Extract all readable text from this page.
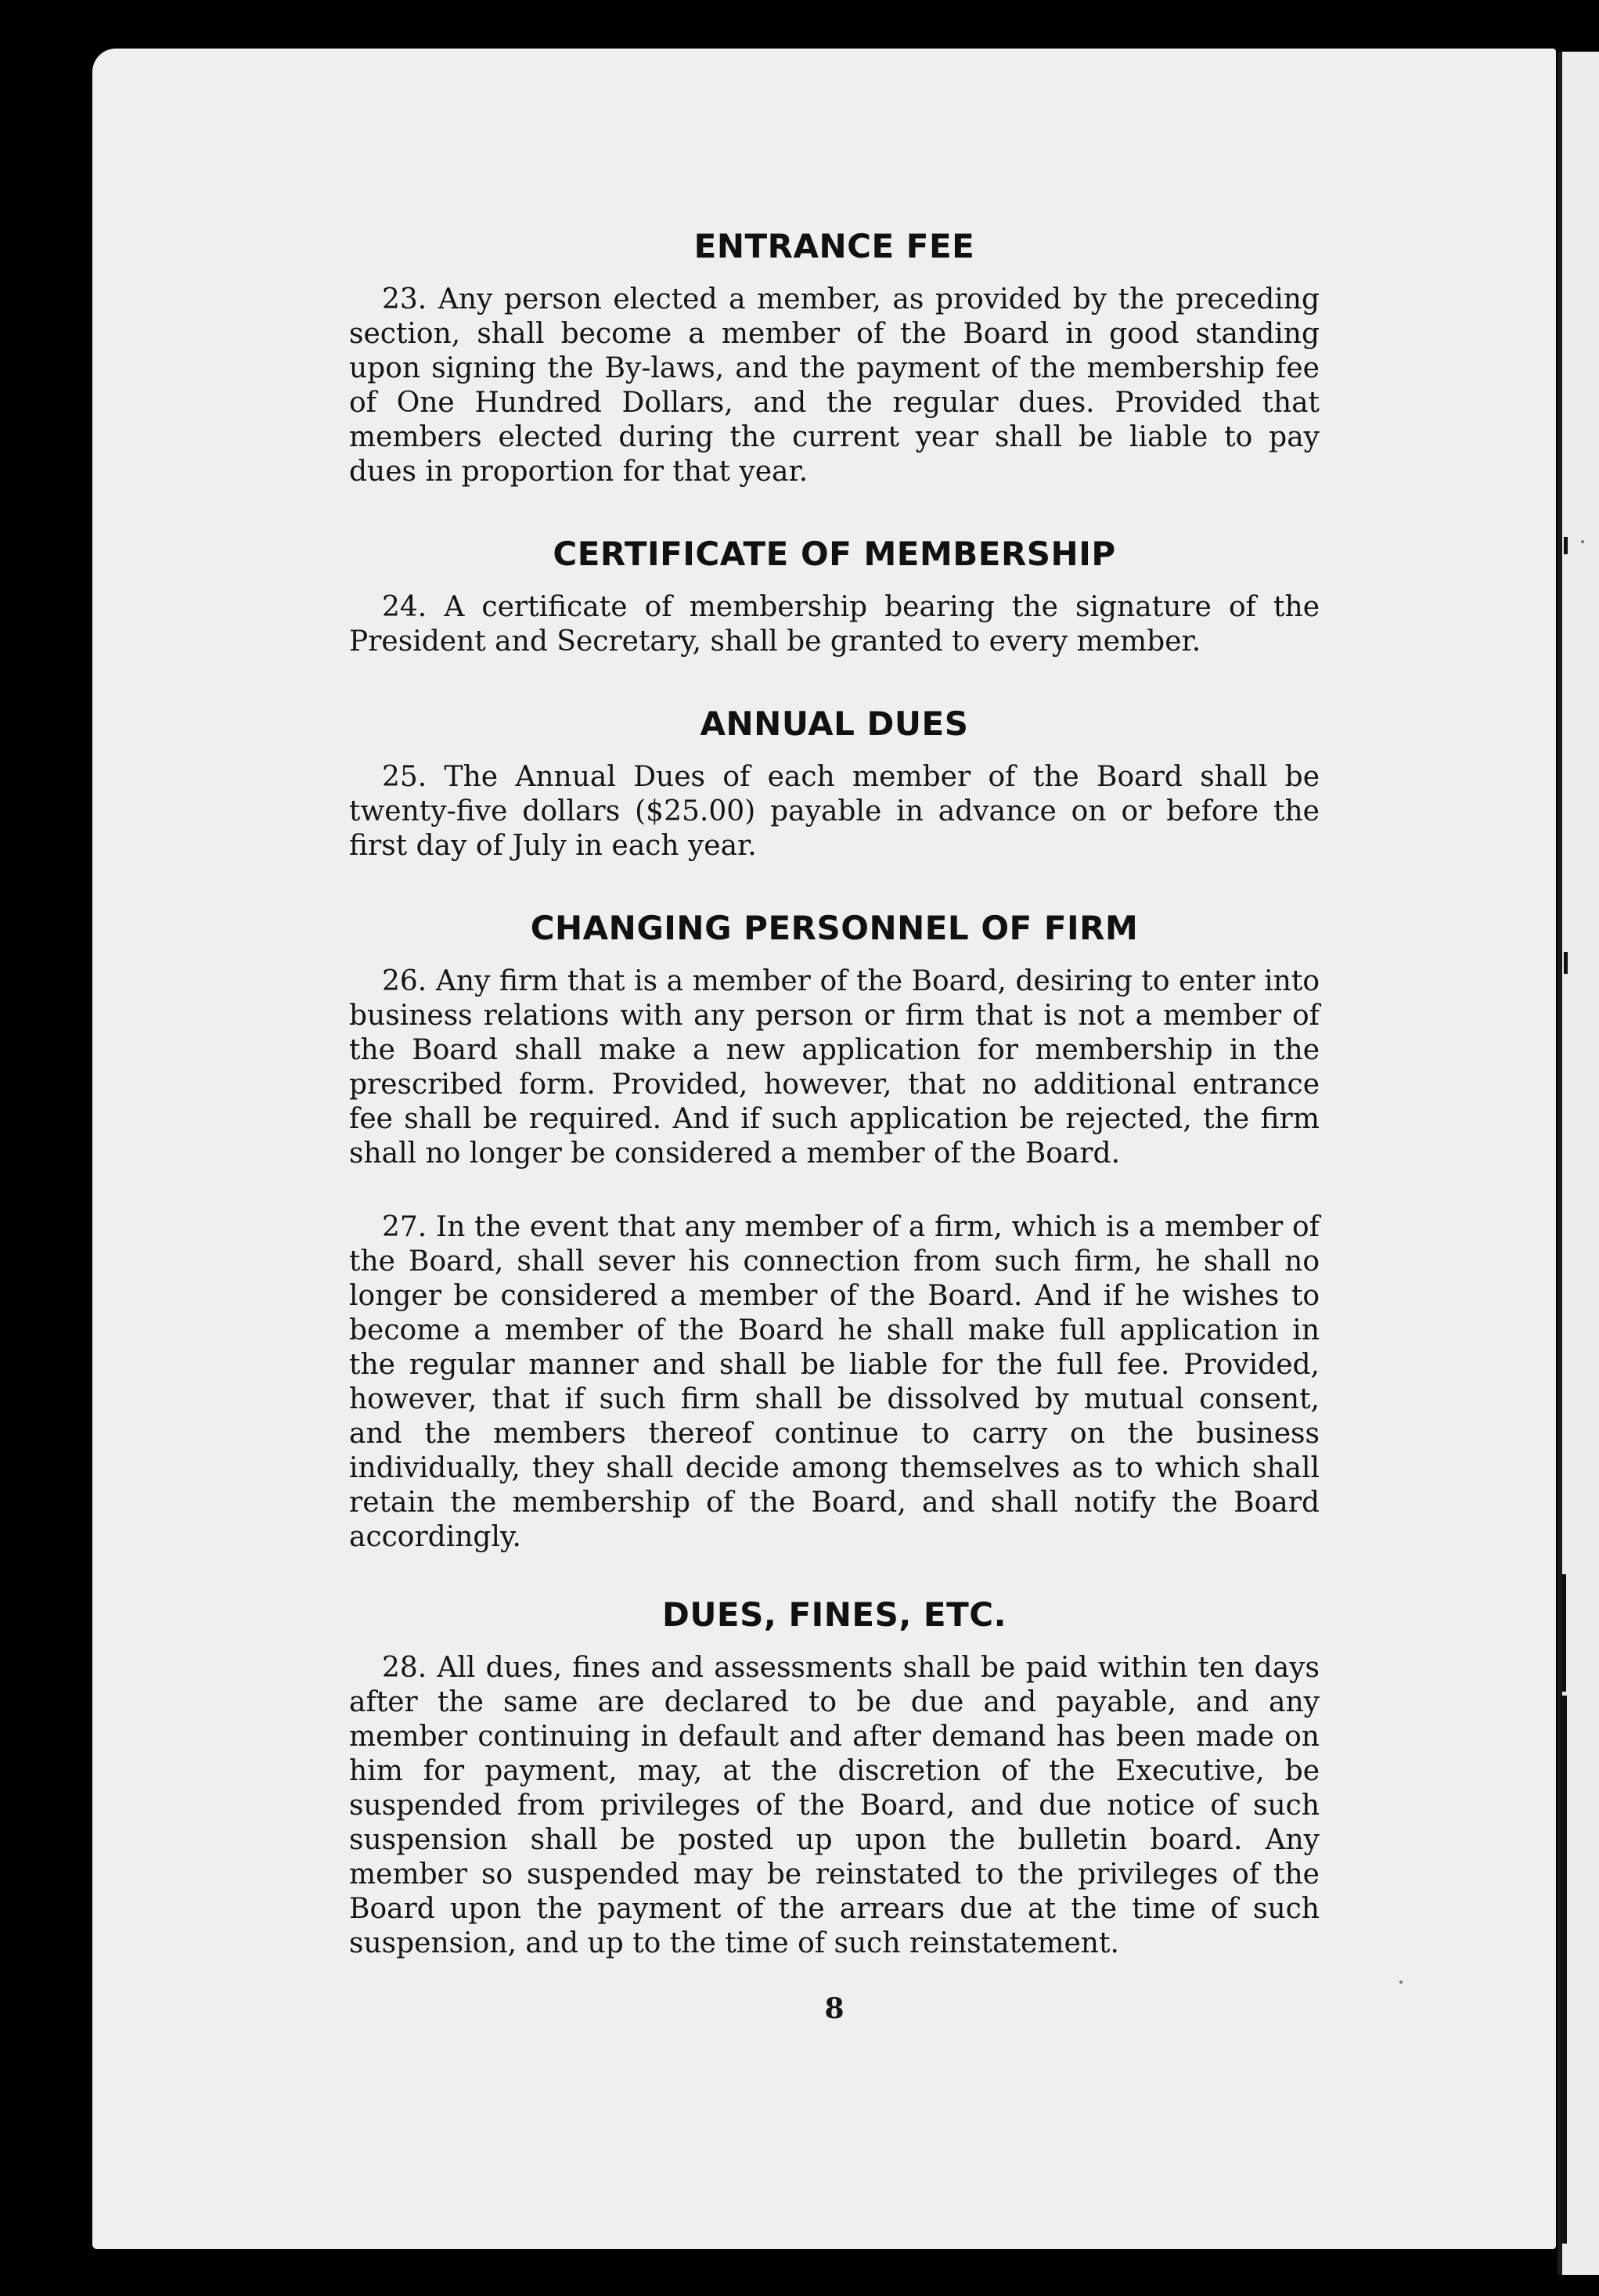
ENTRANCE FEE

23. Any person elected a member, as provided by the preceding section, shall become a member of the Board in good standing upon signing the By-laws, and the payment of the membership fee of One Hundred Dollars, and the regular dues. Provided that members elected during the current year shall be liable to pay dues in proportion for that year.

CERTIFICATE OF MEMBERSHIP

24. A certificate of membership bearing the signature of the President and Secretary, shall be granted to every member.

ANNUAL DUES

25. The Annual Dues of each member of the Board shall be twenty-five dollars ($25.00) payable in advance on or before the first day of July in each year.

CHANGING PERSONNEL OF FIRM

26. Any firm that is a member of the Board, desiring to enter into business relations with any person or firm that is not a member of the Board shall make a new application for membership in the prescribed form. Provided, however, that no additional entrance fee shall be required. And if such application be rejected, the firm shall no longer be considered a member of the Board.

27. In the event that any member of a firm, which is a member of the Board, shall sever his connection from such firm, he shall no longer be considered a member of the Board. And if he wishes to become a member of the Board he shall make full application in the regular manner and shall be liable for the full fee. Provided, however, that if such firm shall be dissolved by mutual consent, and the members thereof continue to carry on the business individually, they shall decide among themselves as to which shall retain the membership of the Board, and shall notify the Board accordingly.

DUES, FINES, ETC.

28. All dues, fines and assessments shall be paid within ten days after the same are declared to be due and payable, and any member continuing in default and after demand has been made on him for payment, may, at the discretion of the Executive, be suspended from privileges of the Board, and due notice of such suspension shall be posted up upon the bulletin board. Any member so suspended may be reinstated to the privileges of the Board upon the payment of the arrears due at the time of such suspension, and up to the time of such reinstatement.

8
